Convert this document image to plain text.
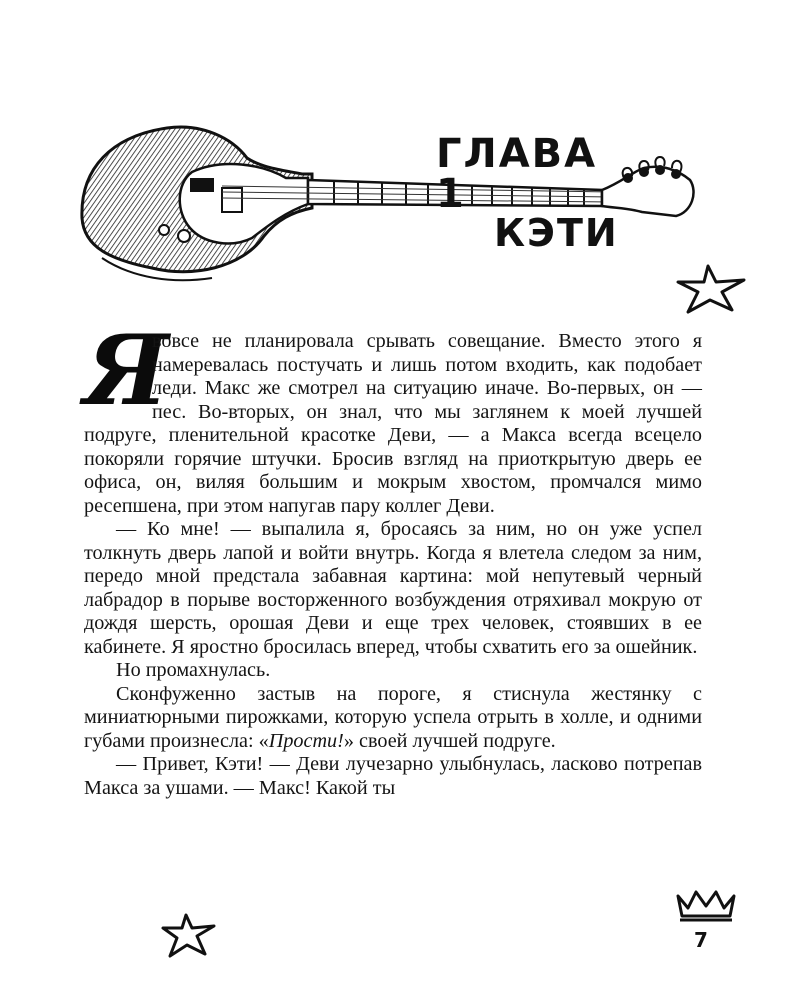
ГЛАВА 1
КЭТИ

Я
вовсе не планировала срывать совещание. Вместо этого я намеревалась постучать и лишь потом входить, как подобает леди. Макс же смотрел на ситуацию иначе. Во-первых, он — пес. Во-вторых, он знал, что мы заглянем к моей лучшей подруге, пленительной красотке Деви, — а Макса всегда всецело покоряли горячие штучки. Бросив взгляд на приоткрытую дверь ее офиса, он, виляя большим и мокрым хвостом, промчался мимо ресепшена, при этом напугав пару коллег Деви.

— Ко мне! — выпалила я, бросаясь за ним, но он уже успел толкнуть дверь лапой и войти внутрь. Когда я влетела следом за ним, передо мной предстала забавная картина: мой непутевый черный лабрадор в порыве восторженного возбуждения отряхивал мокрую от дождя шерсть, орошая Деви и еще трех человек, стоявших в ее кабинете. Я яростно бросилась вперед, чтобы схватить его за ошейник.

Но промахнулась.

Сконфуженно застыв на пороге, я стиснула жестянку с миниатюрными пирожками, которую успела отрыть в холле, и одними губами произнесла: «Прости!» своей лучшей подруге.

— Привет, Кэти! — Деви лучезарно улыбнулась, ласково потрепав Макса за ушами. — Макс! Какой ты

7
